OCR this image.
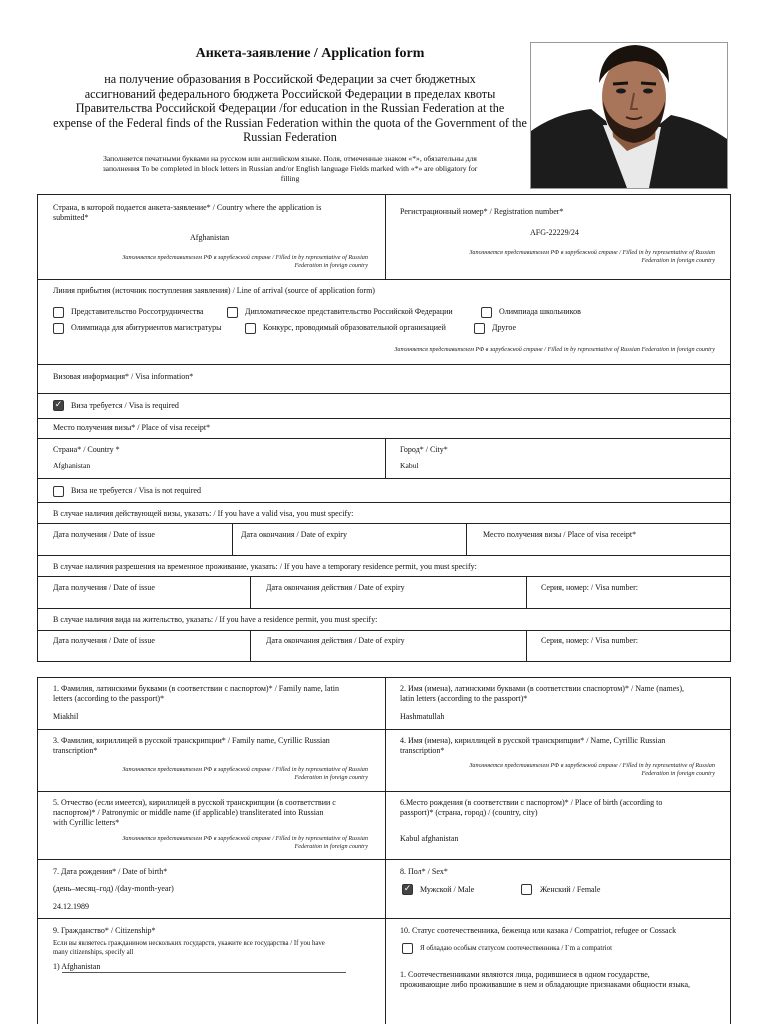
Анкета-заявление / Application form
на получение образования в Российской Федерации за счет бюджетных
ассигнований федерального бюджета Российской Федерации в пределах квоты
Правительства Российской Федерации /for education in the Russian Federation at the
expense of the Federal finds of the Russian Federation within the quota of the Government of the
Russian Federation
Заполняется печатными буквами на русском или английском языке. Поля, отмеченные знаком «*», обязательны для
заполнения To be completed in block letters in Russian and/or English language Fields marked with «*» are obligatory for
filling
Страна, в которой подается анкета-заявление* / Country where the application is
submitted*
Afghanistan
Заполняется представителем РФ в зарубежной стране / Filled in by representative of Russian
Federation in foreign country
Регистрационный номер* / Registration number*
AFG-22229/24
Заполняется представителем РФ в зарубежной стране / Filled in by representative of Russian
Federation in foreign country
Линия прибытия (источник поступления заявления) / Line of arrival (source of application form)
Представительство Россотрудничества	Дипломатическое представительство Российской Федерации	Олимпиада школьников
Олимпиада для абитуриентов магистратуры	Конкурс, проводимый образовательной организацией	Другое
Заполняется представителем РФ в зарубежной стране / Filled in by representative of Russian Federation in foreign country
Визовая информация* / Visa information*
✓ Виза требуется / Visa is required
Место получения визы* / Place of visa receipt*
Страна* / Country *
Afghanistan
Город* / City*
Kabul
Виза не требуется / Visa is not required
В случае наличия действующей визы, указать: / If you have a valid visa, you must specify:
Дата получения / Date of issue	Дата окончания / Date of expiry	Место получения визы / Place of visa receipt*
В случае наличия разрешения на временное проживание, указать: / If you have a temporary residence permit, you must specify:
Дата получения / Date of issue	Дата окончания действия / Date of expiry	Серия, номер: / Visa number:
В случае наличия вида на жительство, указать: / If you have a residence permit, you must specify:
Дата получения / Date of issue	Дата окончания действия / Date of expiry	Серия, номер: / Visa number:
1. Фамилия, латинскими буквами (в соответствии с паспортом)* / Family name, latin
letters (according to the passport)*
Miakhil
2. Имя (имена), латинскими буквами (в соответствии спаспортом)* / Name (names),
latin letters (according to the passport)*
Hashmatullah
3. Фамилия, кириллицей в русской транскрипции* / Family name, Cyrillic Russian
transcription*
Заполняется представителем РФ в зарубежной стране / Filled in by representative of Russian
Federation in foreign country
4. Имя (имена), кириллицей в русской транскрипции* / Name, Cyrillic Russian
transcription*
Заполняется представителем РФ в зарубежной стране / Filled in by representative of Russian
Federation in foreign country
5. Отчество (если имеется), кириллицей в русской транскрипции (в соответствии с
паспортом)* / Patronymic or middle name (if applicable) transliterated into Russian
with Cyrillic letters*
Заполняется представителем РФ в зарубежной стране / Filled in by representative of Russian
Federation in foreign country
6.Место рождения (в соответствии с паспортом)* / Place of birth (according to
passport)* (страна, город) / (country, city)
Kabul afghanistan
7. Дата рождения* / Date of birth*
(день–месяц–год) /(day-month-year)
24.12.1989
8. Пол* / Sex*
✓ Мужской / Male	Женский / Female
9. Гражданство* / Citizenship*
Если вы являетесь гражданином нескольких государств, укажите все государства / If you have
many citizenships, specify all
1) Afghanistan
10. Статус соотечественника, беженца или казака / Compatriot, refugee or Cossack
Я обладаю особым статусом соотечественника / I`m a compatriot
1. Соотечественниками являются лица, родившиеся в одном государстве,
проживающие либо проживавшие в нем и обладающие признаками общности языка,
